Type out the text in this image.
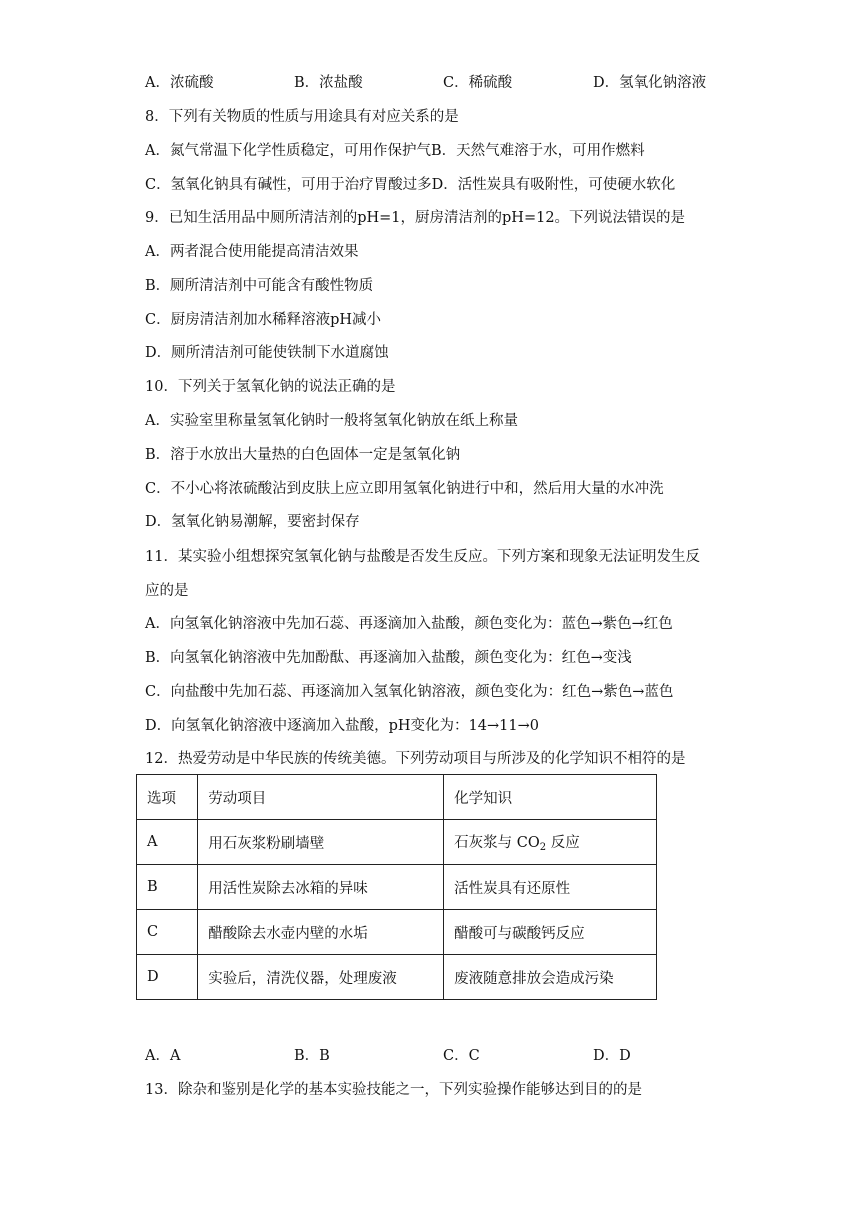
A．浓硫酸	B．浓盐酸	C．稀硫酸	D．氢氧化钠溶液
8．下列有关物质的性质与用途具有对应关系的是
A．氮气常温下化学性质稳定，可用作保护气B．天然气难溶于水，可用作燃料
C．氢氧化钠具有碱性，可用于治疗胃酸过多D．活性炭具有吸附性，可使硬水软化
9．已知生活用品中厕所清洁剂的pH=1，厨房清洁剂的pH=12。下列说法错误的是
A．两者混合使用能提高清洁效果
B．厕所清洁剂中可能含有酸性物质
C．厨房清洁剂加水稀释溶液pH减小
D．厕所清洁剂可能使铁制下水道腐蚀
10．下列关于氢氧化钠的说法正确的是
A．实验室里称量氢氧化钠时一般将氢氧化钠放在纸上称量
B．溶于水放出大量热的白色固体一定是氢氧化钠
C．不小心将浓硫酸沾到皮肤上应立即用氢氧化钠进行中和，然后用大量的水冲洗
D．氢氧化钠易潮解，要密封保存
11．某实验小组想探究氢氧化钠与盐酸是否发生反应。下列方案和现象无法证明发生反
应的是
A．向氢氧化钠溶液中先加石蕊、再逐滴加入盐酸，颜色变化为：蓝色→紫色→红色
B．向氢氧化钠溶液中先加酚酞、再逐滴加入盐酸，颜色变化为：红色→变浅
C．向盐酸中先加石蕊、再逐滴加入氢氧化钠溶液，颜色变化为：红色→紫色→蓝色
D．向氢氧化钠溶液中逐滴加入盐酸，pH变化为：14→11→0
12．热爱劳动是中华民族的传统美德。下列劳动项目与所涉及的化学知识不相符的是
选项	劳动项目	化学知识
A	用石灰浆粉刷墙壁	石灰浆与 $CO_2$ 反应
B	用活性炭除去冰箱的异味	活性炭具有还原性
C	醋酸除去水壶内壁的水垢	醋酸可与碳酸钙反应
D	实验后，清洗仪器，处理废液	废液随意排放会造成污染
A．A	B．B	C．C	D．D
13．除杂和鉴别是化学的基本实验技能之一，下列实验操作能够达到目的的是
